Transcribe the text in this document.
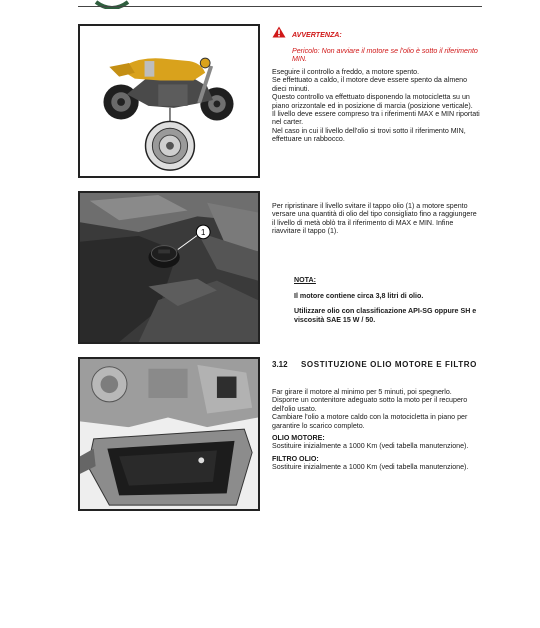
AVVERTENZA:

Pericolo: Non avviare il motore se l'olio è sotto il riferimento MIN.

Eseguire il controllo a freddo, a motore spento.

Se effettuato a caldo, il motore deve essere spento da almeno dieci minuti.

Questo controllo va effettuato disponendo la motocicletta su un piano orizzontale ed in posizione di marcia (posizione verticale).

Il livello deve essere compreso tra i riferimenti MAX e MIN riportati nel carter.

Nel caso in cui il livello dell'olio si trovi sotto il riferimento MIN, effettuare un rabbocco.

1

Per ripristinare il livello svitare il tappo olio (1) a motore spento versare una quantità di olio del tipo consigliato fino a raggiungere il livello di metà oblò tra il riferimento di MAX e MIN. Infine riavvitare il tappo (1).

NOTA:

Il motore contiene circa 3,8 litri di olio.

Utilizzare olio con classificazione API-SG oppure SH e viscosità SAE 15 W / 50.

3.12 SOSTITUZIONE OLIO MOTORE E FILTRO

Far girare il motore al minimo per 5 minuti, poi spegnerlo.

Disporre un contenitore adeguato sotto la moto per il recupero dell'olio usato.

Cambiare l'olio a motore caldo con la motocicletta in piano per garantire lo scarico completo.

OLIO MOTORE:

Sostituire inizialmente a 1000 Km (vedi tabella manutenzione).

FILTRO OLIO:

Sostituire inizialmente a 1000 Km (vedi tabella manutenzione).
